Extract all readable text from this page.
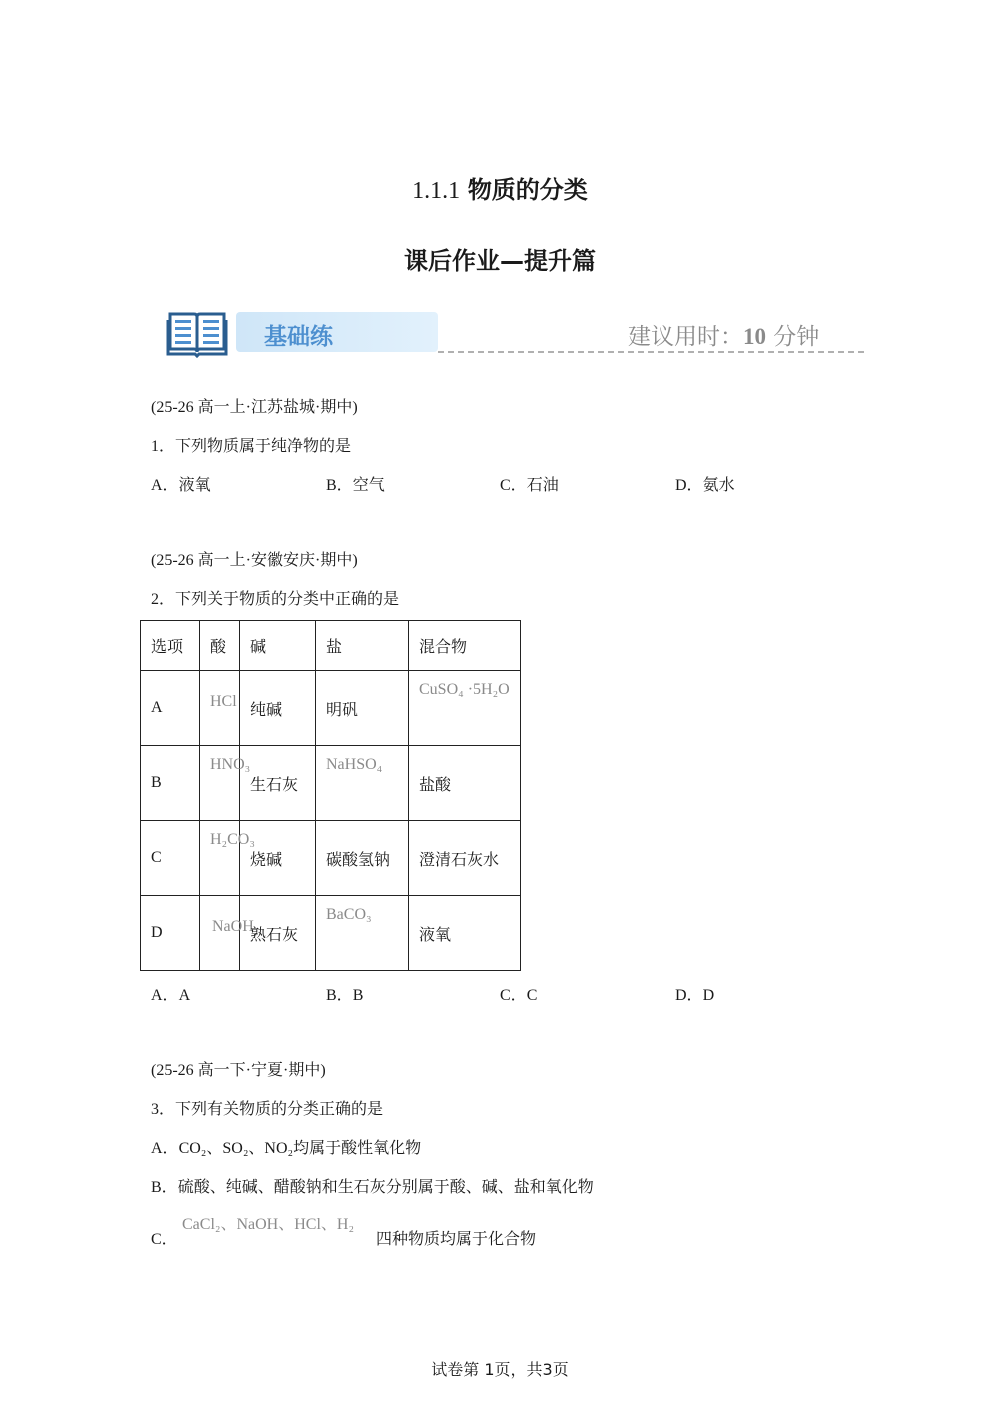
1.1.1 物质的分类
课后作业—提升篇
基础练	建议用时：10 分钟
(25-26 高一上·江苏盐城·期中)
1．下列物质属于纯净物的是
A．液氧	B．空气	C．石油	D．氨水
(25-26 高一上·安徽安庆·期中)
2．下列关于物质的分类中正确的是
选项	酸	碱	盐	混合物
A	HCl	纯碱	明矾	CuSO₄ ·5H₂O
B	HNO₃	生石灰	NaHSO₄	盐酸
C	H₂CO₃	烧碱	碳酸氢钠	澄清石灰水
D	NaOH	熟石灰	BaCO₃	液氧
A．A	B．B	C．C	D．D
(25-26 高一下·宁夏·期中)
3．下列有关物质的分类正确的是
A．CO₂、SO₂、NO₂均属于酸性氧化物
B．硫酸、纯碱、醋酸钠和生石灰分别属于酸、碱、盐和氧化物
C．
CaCl₂、NaOH、HCl、H₂
四种物质均属于化合物
试卷第 1页，共3页
